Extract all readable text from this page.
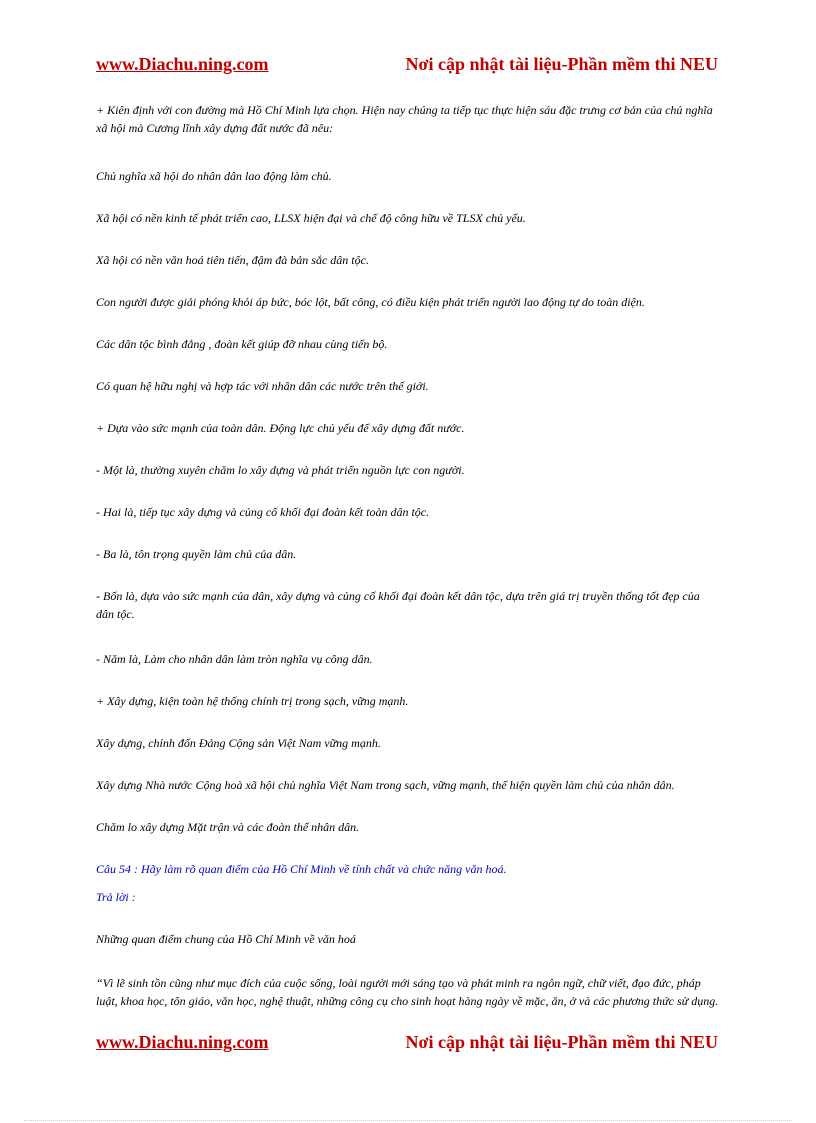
www.Diachu.ning.com	Nơi cập nhật tài liệu-Phần mềm thi NEU

+ Kiên định với con đường mà Hồ Chí Minh lựa chọn. Hiện nay chúng ta tiếp tục thực hiện sáu đặc trưng cơ bản của chủ nghĩa xã hội mà Cương lĩnh xây dựng đất nước đã nêu:

Chủ nghĩa xã hội do nhân dân lao động làm chủ.

Xã hội có nền kinh tế phát triển cao, LLSX hiện đại và chế độ công hữu về TLSX chủ yếu.

Xã hội có nền văn hoá tiên tiến, đậm đà bản sắc dân tộc.

Con người được giải phóng khỏi áp bức, bóc lột, bất công, có điều kiện phát triển người lao động tự do toàn diện.

Các dân tộc bình đẳng , đoàn kết giúp đỡ nhau cùng tiến bộ.

Có quan hệ hữu nghị và hợp tác với nhân dân các nước trên thế giới.

+ Dựa vào sức mạnh của toàn dân. Động lực chủ yếu để xây dựng đất nước.

- Một là, thường xuyên chăm lo xây dựng và phát triển nguồn lực con người.

- Hai là, tiếp tục xây dựng và củng cố khối đại đoàn kết toàn dân tộc.

- Ba là, tôn trọng quyền làm chủ của dân.

- Bốn là, dựa vào sức mạnh của dân, xây dựng và củng cố khối đại đoàn kết dân tộc, dựa trên giá trị truyền thống tốt đẹp của dân tộc.

- Năm là, Làm cho nhân dân làm tròn nghĩa vụ công dân.

+ Xây dựng, kiện toàn hệ thống chính trị trong sạch, vững mạnh.

Xây dựng, chỉnh đốn Đảng Cộng sản Việt Nam vững mạnh.

Xây dựng Nhà nước Cộng hoà xã hội chủ nghĩa Việt Nam trong sạch, vững mạnh, thể hiện quyền làm chủ của nhân dân.

Chăm lo xây dựng Mặt trận và các đoàn thể nhân dân.

Câu 54 : Hãy làm rõ quan điểm của Hồ Chí Minh về tính chất và chức năng văn hoá.

Trả lời :

Những quan điểm chung của Hồ Chí Minh về văn hoá

“Vì lẽ sinh tồn cũng như mục đích của cuộc sống, loài người mới sáng tạo và phát minh ra ngôn ngữ, chữ viết, đạo đức, pháp luật, khoa học, tôn giáo, văn học, nghệ thuật, những công cụ cho sinh hoạt hàng ngày về mặc, ăn, ở và các phương thức sử dụng.

www.Diachu.ning.com	Nơi cập nhật tài liệu-Phần mềm thi NEU
